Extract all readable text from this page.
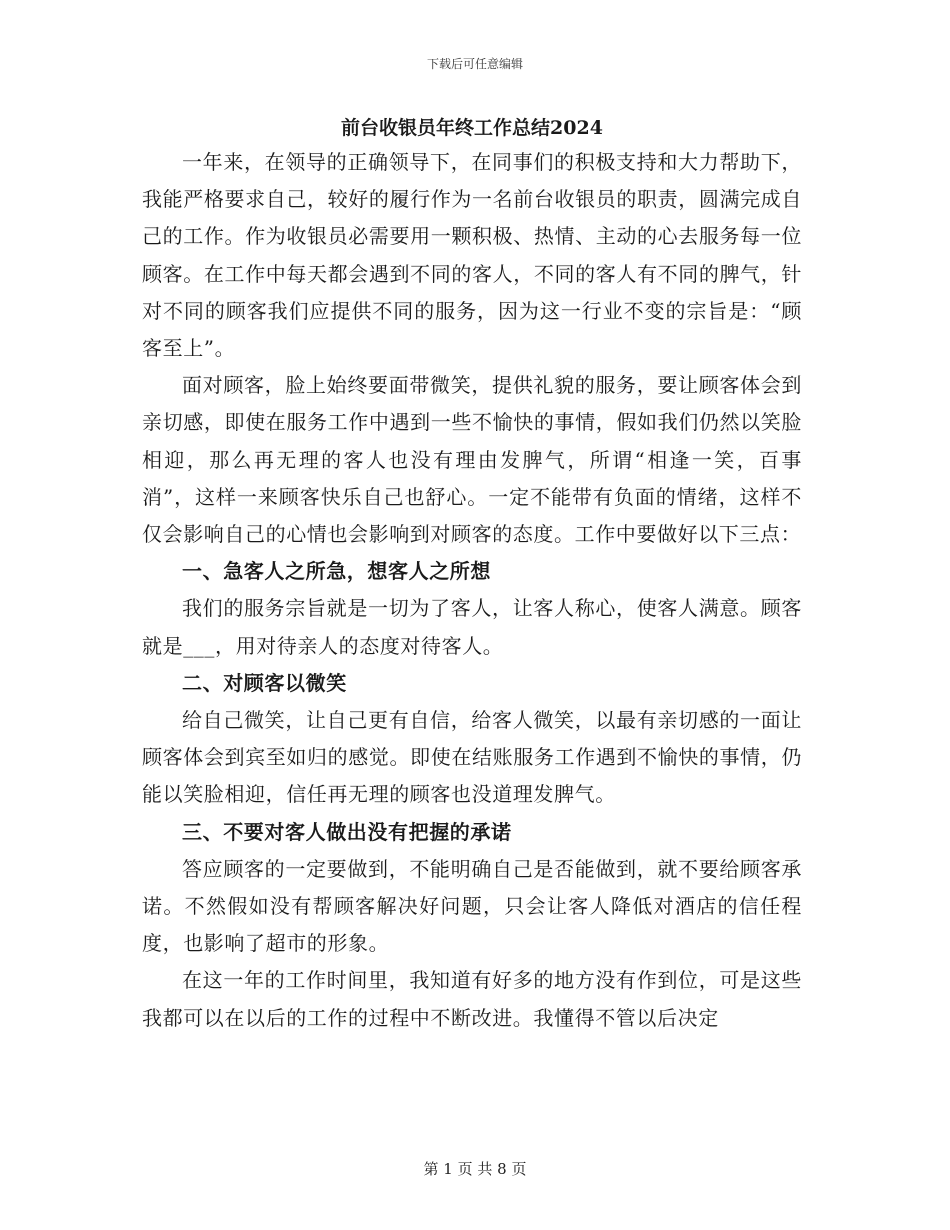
下载后可任意编辑
前台收银员年终工作总结2024

一年来，在领导的正确领导下，在同事们的积极支持和大力帮助下，我能严格要求自己，较好的履行作为一名前台收银员的职责，圆满完成自己的工作。作为收银员必需要用一颗积极、热情、主动的心去服务每一位顾客。在工作中每天都会遇到不同的客人，不同的客人有不同的脾气，针对不同的顾客我们应提供不同的服务，因为这一行业不变的宗旨是：“顾客至上”。

面对顾客，脸上始终要面带微笑，提供礼貌的服务，要让顾客体会到亲切感，即使在服务工作中遇到一些不愉快的事情，假如我们仍然以笑脸相迎，那么再无理的客人也没有理由发脾气，所谓“相逢一笑，百事消”，这样一来顾客快乐自己也舒心。一定不能带有负面的情绪，这样不仅会影响自己的心情也会影响到对顾客的态度。工作中要做好以下三点：

一、急客人之所急，想客人之所想

我们的服务宗旨就是一切为了客人，让客人称心，使客人满意。顾客就是___，用对待亲人的态度对待客人。

二、对顾客以微笑

给自己微笑，让自己更有自信，给客人微笑，以最有亲切感的一面让顾客体会到宾至如归的感觉。即使在结账服务工作遇到不愉快的事情，仍能以笑脸相迎，信任再无理的顾客也没道理发脾气。

三、不要对客人做出没有把握的承诺

答应顾客的一定要做到，不能明确自己是否能做到，就不要给顾客承诺。不然假如没有帮顾客解决好问题，只会让客人降低对酒店的信任程度，也影响了超市的形象。

在这一年的工作时间里，我知道有好多的地方没有作到位，可是这些我都可以在以后的工作的过程中不断改进。我懂得不管以后决定

第 1 页 共 8 页
